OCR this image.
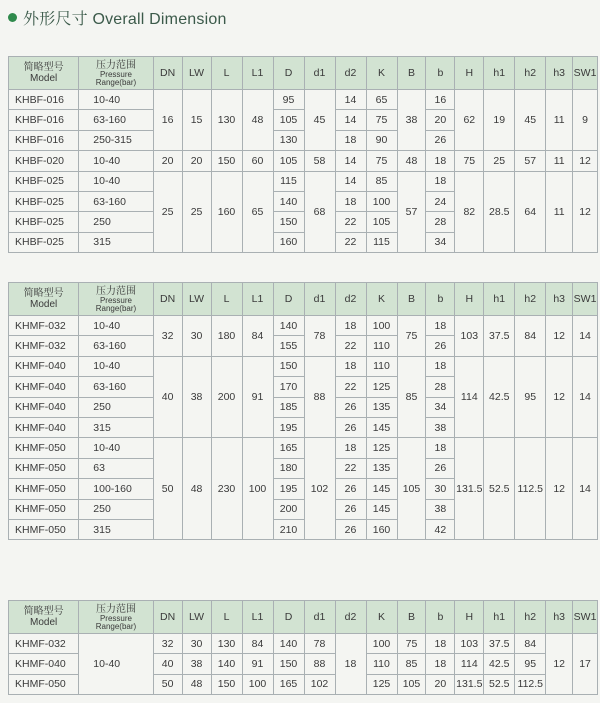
外形尺寸 Overall Dimension
简略型号
Model	压力范围
Pressure
Range(bar)	DN	LW	L	L1	D	d1	d2	K	B	b	H	h1	h2	h3	SW1
KHBF-016	10-40	16	15	130	48	95	45	14	65	38	16	62	19	45	11	9
KHBF-016	63-160					105		14	75		20					
KHBF-016	250-315					130		18	90		26					
KHBF-020	10-40	20	20	150	60	105	58	14	75	48	18	75	25	57	11	12
KHBF-025	10-40	25	25	160	65	115	68	14	85	57	18	82	28.5	64	11	12
KHBF-025	63-160					140		18	100		24					
KHBF-025	250					150		22	105		28					
KHBF-025	315					160		22	115		34					
简略型号
Model	压力范围
Pressure
Range(bar)	DN	LW	L	L1	D	d1	d2	K	B	b	H	h1	h2	h3	SW1
KHMF-032	10-40	32	30	180	84	140	78	18	100	75	18	103	37.5	84	12	14
KHMF-032	63-160					155		22	110		26					
KHMF-040	10-40	40	38	200	91	150	88	18	110	85	18	114	42.5	95	12	14
KHMF-040	63-160					170		22	125		28					
KHMF-040	250					185		26	135		34					
KHMF-040	315					195		26	145		38					
KHMF-050	10-40	50	48	230	100	165	102	18	125	105	18	131.5	52.5	112.5	12	14
KHMF-050	63					180		22	135		26					
KHMF-050	100-160					195		26	145		30					
KHMF-050	250					200		26	145		38					
KHMF-050	315					210		26	160		42					
简略型号
Model	压力范围
Pressure
Range(bar)	DN	LW	L	L1	D	d1	d2	K	B	b	H	h1	h2	h3	SW1
KHMF-032	10-40	32	30	130	84	140	78	18	100	75	18	103	37.5	84	12	17
KHMF-040		40	38	140	91	150	88		110	85	18	114	42.5	95		
KHMF-050		50	48	150	100	165	102		125	105	20	131.5	52.5	112.5		
